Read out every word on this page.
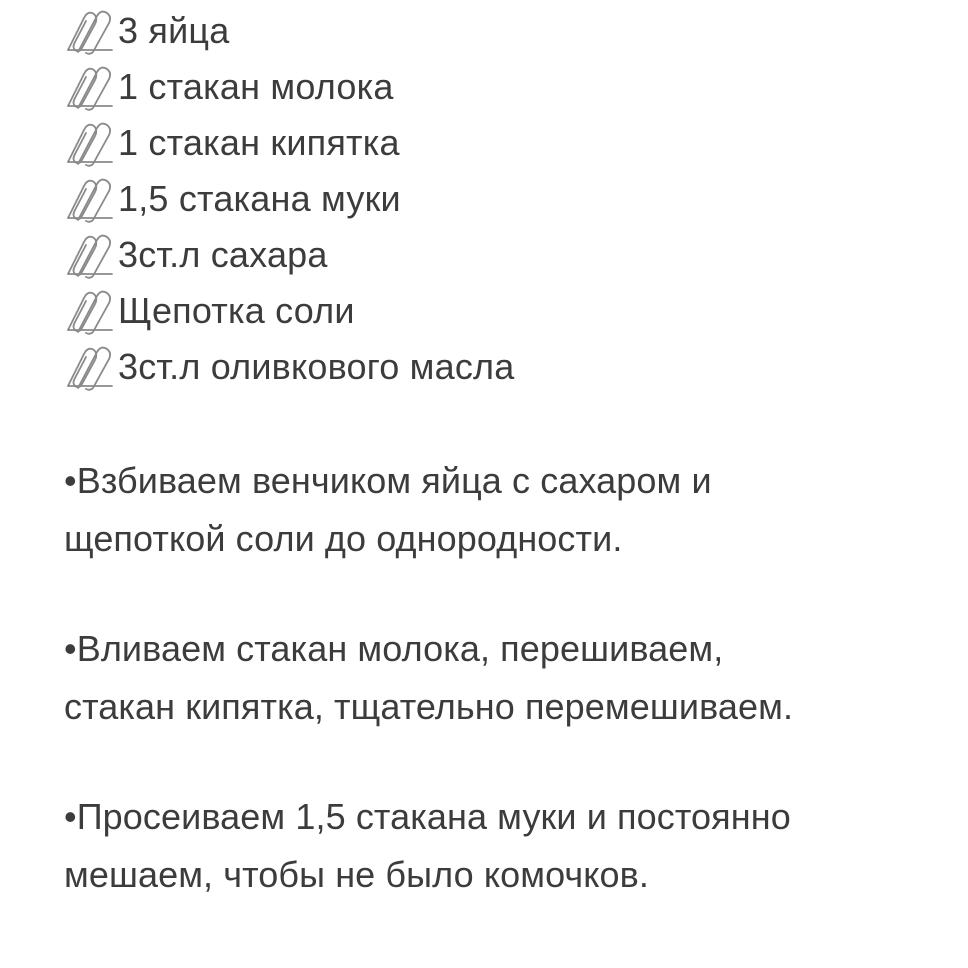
3 яйца
1 стакан молока
1 стакан кипятка
1,5 стакана муки
3ст.л сахара
Щепотка соли
3ст.л оливкового масла

•Взбиваем венчиком яйца с сахаром и
щепоткой соли до однородности.

•Вливаем стакан молока, перешиваем,
стакан кипятка, тщательно перемешиваем.

•Просеиваем 1,5 стакана муки и постоянно
мешаем, чтобы не было комочков.
